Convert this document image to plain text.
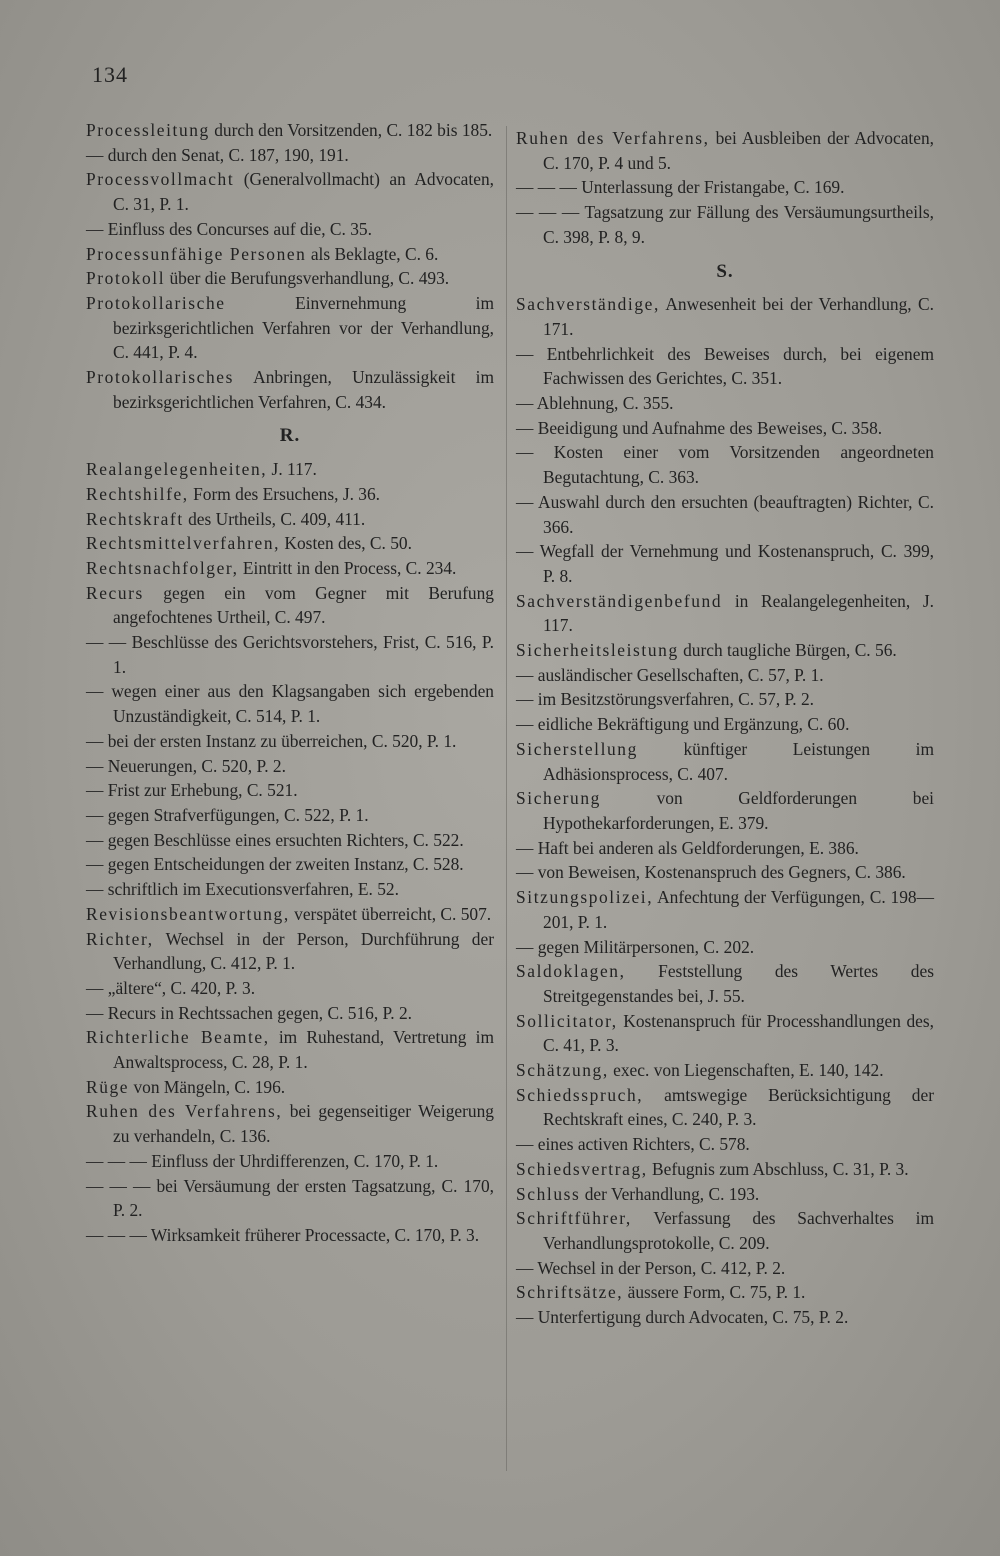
134

Processleitung durch den Vorsitzenden, C. 182 bis 185.

— durch den Senat, C. 187, 190, 191.

Processvollmacht (Generalvollmacht) an Advocaten, C. 31, P. 1.

— Einfluss des Concurses auf die, C. 35.

Processunfähige Personen als Beklagte, C. 6.

Protokoll über die Berufungsverhandlung, C. 493.

Protokollarische Einvernehmung im bezirksgerichtlichen Verfahren vor der Verhandlung, C. 441, P. 4.

Protokollarisches Anbringen, Unzulässigkeit im bezirksgerichtlichen Verfahren, C. 434.

R.

Realangelegenheiten, J. 117.

Rechtshilfe, Form des Ersuchens, J. 36.

Rechtskraft des Urtheils, C. 409, 411.

Rechtsmittelverfahren, Kosten des, C. 50.

Rechtsnachfolger, Eintritt in den Process, C. 234.

Recurs gegen ein vom Gegner mit Berufung angefochtenes Urtheil, C. 497.

— — Beschlüsse des Gerichtsvorstehers, Frist, C. 516, P. 1.

— wegen einer aus den Klagsangaben sich ergebenden Unzuständigkeit, C. 514, P. 1.

— bei der ersten Instanz zu überreichen, C. 520, P. 1.

— Neuerungen, C. 520, P. 2.

— Frist zur Erhebung, C. 521.

— gegen Strafverfügungen, C. 522, P. 1.

— gegen Beschlüsse eines ersuchten Richters, C. 522.

— gegen Entscheidungen der zweiten Instanz, C. 528.

— schriftlich im Executionsverfahren, E. 52.

Revisionsbeantwortung, verspätet überreicht, C. 507.

Richter, Wechsel in der Person, Durchführung der Verhandlung, C. 412, P. 1.

— „ältere“, C. 420, P. 3.

— Recurs in Rechtssachen gegen, C. 516, P. 2.

Richterliche Beamte, im Ruhestand, Vertretung im Anwaltsprocess, C. 28, P. 1.

Rüge von Mängeln, C. 196.

Ruhen des Verfahrens, bei gegenseitiger Weigerung zu verhandeln, C. 136.

— — — Einfluss der Uhrdifferenzen, C. 170, P. 1.

— — — bei Versäumung der ersten Tagsatzung, C. 170, P. 2.

— — — Wirksamkeit früherer Processacte, C. 170, P. 3.

Ruhen des Verfahrens, bei Ausbleiben der Advocaten, C. 170, P. 4 und 5.

— — — Unterlassung der Fristangabe, C. 169.

— — — Tagsatzung zur Fällung des Versäumungsurtheils, C. 398, P. 8, 9.

S.

Sachverständige, Anwesenheit bei der Verhandlung, C. 171.

— Entbehrlichkeit des Beweises durch, bei eigenem Fachwissen des Gerichtes, C. 351.

— Ablehnung, C. 355.

— Beeidigung und Aufnahme des Beweises, C. 358.

— Kosten einer vom Vorsitzenden angeordneten Begutachtung, C. 363.

— Auswahl durch den ersuchten (beauftragten) Richter, C. 366.

— Wegfall der Vernehmung und Kostenanspruch, C. 399, P. 8.

Sachverständigenbefund in Realangelegenheiten, J. 117.

Sicherheitsleistung durch taugliche Bürgen, C. 56.

— ausländischer Gesellschaften, C. 57, P. 1.

— im Besitzstörungsverfahren, C. 57, P. 2.

— eidliche Bekräftigung und Ergänzung, C. 60.

Sicherstellung künftiger Leistungen im Adhäsionsprocess, C. 407.

Sicherung von Geldforderungen bei Hypothekarforderungen, E. 379.

— Haft bei anderen als Geldforderungen, E. 386.

— von Beweisen, Kostenanspruch des Gegners, C. 386.

Sitzungspolizei, Anfechtung der Verfügungen, C. 198—201, P. 1.

— gegen Militärpersonen, C. 202.

Saldoklagen, Feststellung des Wertes des Streitgegenstandes bei, J. 55.

Sollicitator, Kostenanspruch für Processhandlungen des, C. 41, P. 3.

Schätzung, exec. von Liegenschaften, E. 140, 142.

Schiedsspruch, amtswegige Berücksichtigung der Rechtskraft eines, C. 240, P. 3.

— eines activen Richters, C. 578.

Schiedsvertrag, Befugnis zum Abschluss, C. 31, P. 3.

Schluss der Verhandlung, C. 193.

Schriftführer, Verfassung des Sachverhaltes im Verhandlungsprotokolle, C. 209.

— Wechsel in der Person, C. 412, P. 2.

Schriftsätze, äussere Form, C. 75, P. 1.

— Unterfertigung durch Advocaten, C. 75, P. 2.
